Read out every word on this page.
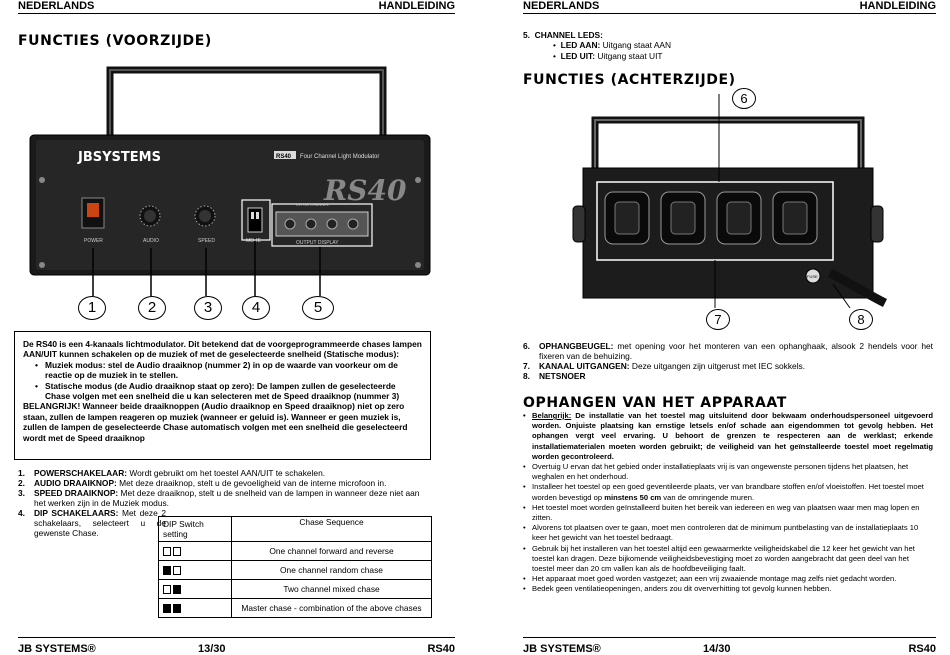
NEDERLANDS	HANDLEIDING
FUNCTIES (VOORZIJDE)
JBSYSTEMS	RS40 Four Channel Light Modulator
RS40
POWER	AUDIO	SPEED	MODE
CH ON CHANNEL
OUTPUT DISPLAY
1	2	3	4	5
De RS40 is een 4-kanaals lichtmodulator. Dit betekend dat de voorgeprogrammeerde chases lampen AAN/UIT kunnen schakelen op de muziek of met de geselecteerde snelheid (Statische modus):
• Muziek modus: stel de Audio draaiknop (nummer 2) in op de waarde van voorkeur om de reactie op de muziek in te stellen.
• Statische modus (de Audio draaiknop staat op zero): De lampen zullen de geselecteerde Chase volgen met een snelheid die u kan selecteren met de Speed draaiknop (nummer 3)
BELANGRIJK! Wanneer beide draaiknoppen (Audio draaiknop en Speed draaiknop) niet op zero staan, zullen de lampen reageren op muziek (wanneer er geluid is). Wanneer er geen muziek is, zullen de lampen de geselecteerde Chase automatisch volgen met een snelheid die geselecteerd wordt met de Speed draaiknop
1. POWERSCHAKELAAR: Wordt gebruikt om het toestel AAN/UIT te schakelen.
2. AUDIO DRAAIKNOP: Met deze draaiknop, stelt u de gevoeligheid van de interne microfoon in.
3. SPEED DRAAIKNOP: Met deze draaiknop, stelt u de snelheid van de lampen in wanneer deze niet aan het werken zijn in de Muziek modus.
4. DIP SCHAKELAARS: Met deze 2 schakelaars, selecteert u de gewenste Chase.
DIP Switch setting	Chase Sequence
	One channel forward and reverse
	One channel random chase
	Two channel mixed chase
	Master chase - combination of the above chases
JB SYSTEMS®	13/30	RS40
NEDERLANDS	HANDLEIDING
5. CHANNEL LEDS:
•  LED AAN: Uitgang staat AAN
•  LED UIT: Uitgang staat UIT
FUNCTIES (ACHTERZIJDE)
FUSE
6
7	8
6. OPHANGBEUGEL: met opening voor het monteren van een ophanghaak, alsook 2 hendels voor het fixeren van de behuizing.
7. KANAAL UITGANGEN: Deze uitgangen zijn uitgerust met IEC sokkels.
8. NETSNOER
OPHANGEN VAN HET APPARAAT
• Belangrijk: De installatie van het toestel mag uitsluitend door bekwaam onderhoudspersoneel uitgevoerd worden. Onjuiste plaatsing kan ernstige letsels en/of schade aan eigendommen tot gevolg hebben. Het ophangen vergt veel ervaring. U behoort de grenzen te respecteren aan de werklast; erkende installatiematerialen moeten worden gebruikt; de veiligheid van het geïnstalleerde toestel moet regelmatig worden gecontroleerd.
• Overtuig U ervan dat het gebied onder installatieplaats vrij is van ongewenste personen tijdens het plaatsen, het weghalen en het onderhoud.
• Installeer het toestel op een goed geventileerde plaats, ver van brandbare stoffen en/of vloeistoffen. Het toestel moet worden bevestigd op minstens 50 cm van de omringende muren.
• Het toestel moet worden geïnstalleerd buiten het bereik van iedereen en weg van plaatsen waar men mag lopen en zitten.
• Alvorens tot plaatsen over te gaan, moet men controleren dat de minimum puntbelasting van de installatieplaats 10 keer het gewicht van het toestel bedraagt.
• Gebruik bij het installeren van het toestel altijd een gewaarmerkte veiligheidskabel die 12 keer het gewicht van het toestel kan dragen. Deze bijkomende veiligheidsbevestiging moet zo worden aangebracht dat geen deel van het toestel meer dan 20 cm vallen kan als de hoofdbeveiliging faalt.
• Het apparaat moet goed worden vastgezet; aan een vrij zwaaiende montage mag zelfs niet gedacht worden.
• Bedek geen ventilatieopeningen, anders zou dit oververhitting tot gevolg kunnen hebben.
JB SYSTEMS®	14/30	RS40
